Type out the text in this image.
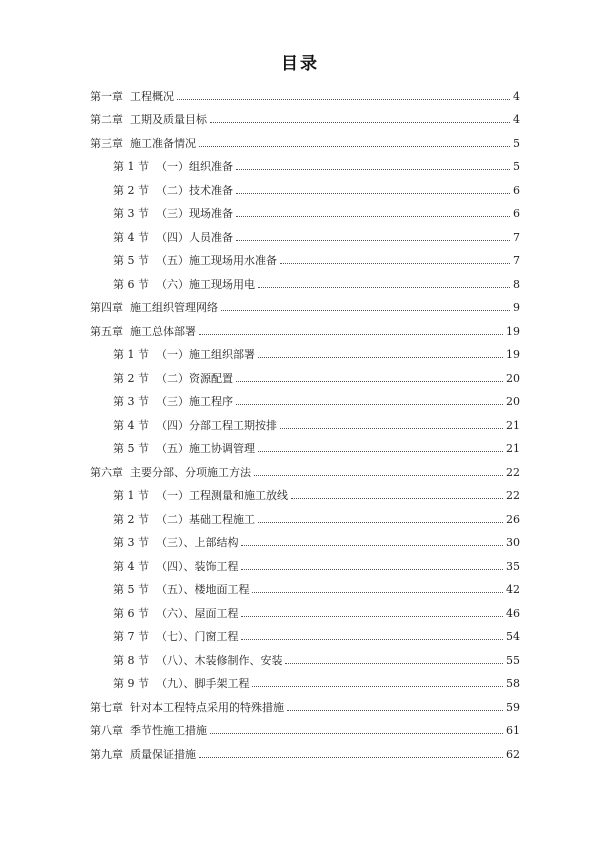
目录
第一章  工程概况	4
第二章  工期及质量目标	4
第三章  施工准备情况	5
第 1 节  （一）组织准备	5
第 2 节  （二）技术准备	6
第 3 节  （三）现场准备	6
第 4 节  （四）人员准备	7
第 5 节  （五）施工现场用水准备	7
第 6 节  （六）施工现场用电	8
第四章  施工组织管理网络	9
第五章  施工总体部署	19
第 1 节  （一）施工组织部署	19
第 2 节  （二）资源配置	20
第 3 节  （三）施工程序	20
第 4 节  （四）分部工程工期按排	21
第 5 节  （五）施工协调管理	21
第六章  主要分部、分项施工方法	22
第 1 节  （一）工程测量和施工放线	22
第 2 节  （二）基础工程施工	26
第 3 节  （三）、上部结构	30
第 4 节  （四）、装饰工程	35
第 5 节  （五）、楼地面工程	42
第 6 节  （六）、屋面工程	46
第 7 节  （七）、门窗工程	54
第 8 节  （八）、木装修制作、安装	55
第 9 节  （九）、脚手架工程	58
第七章  针对本工程特点采用的特殊措施	59
第八章  季节性施工措施	61
第九章  质量保证措施	62
